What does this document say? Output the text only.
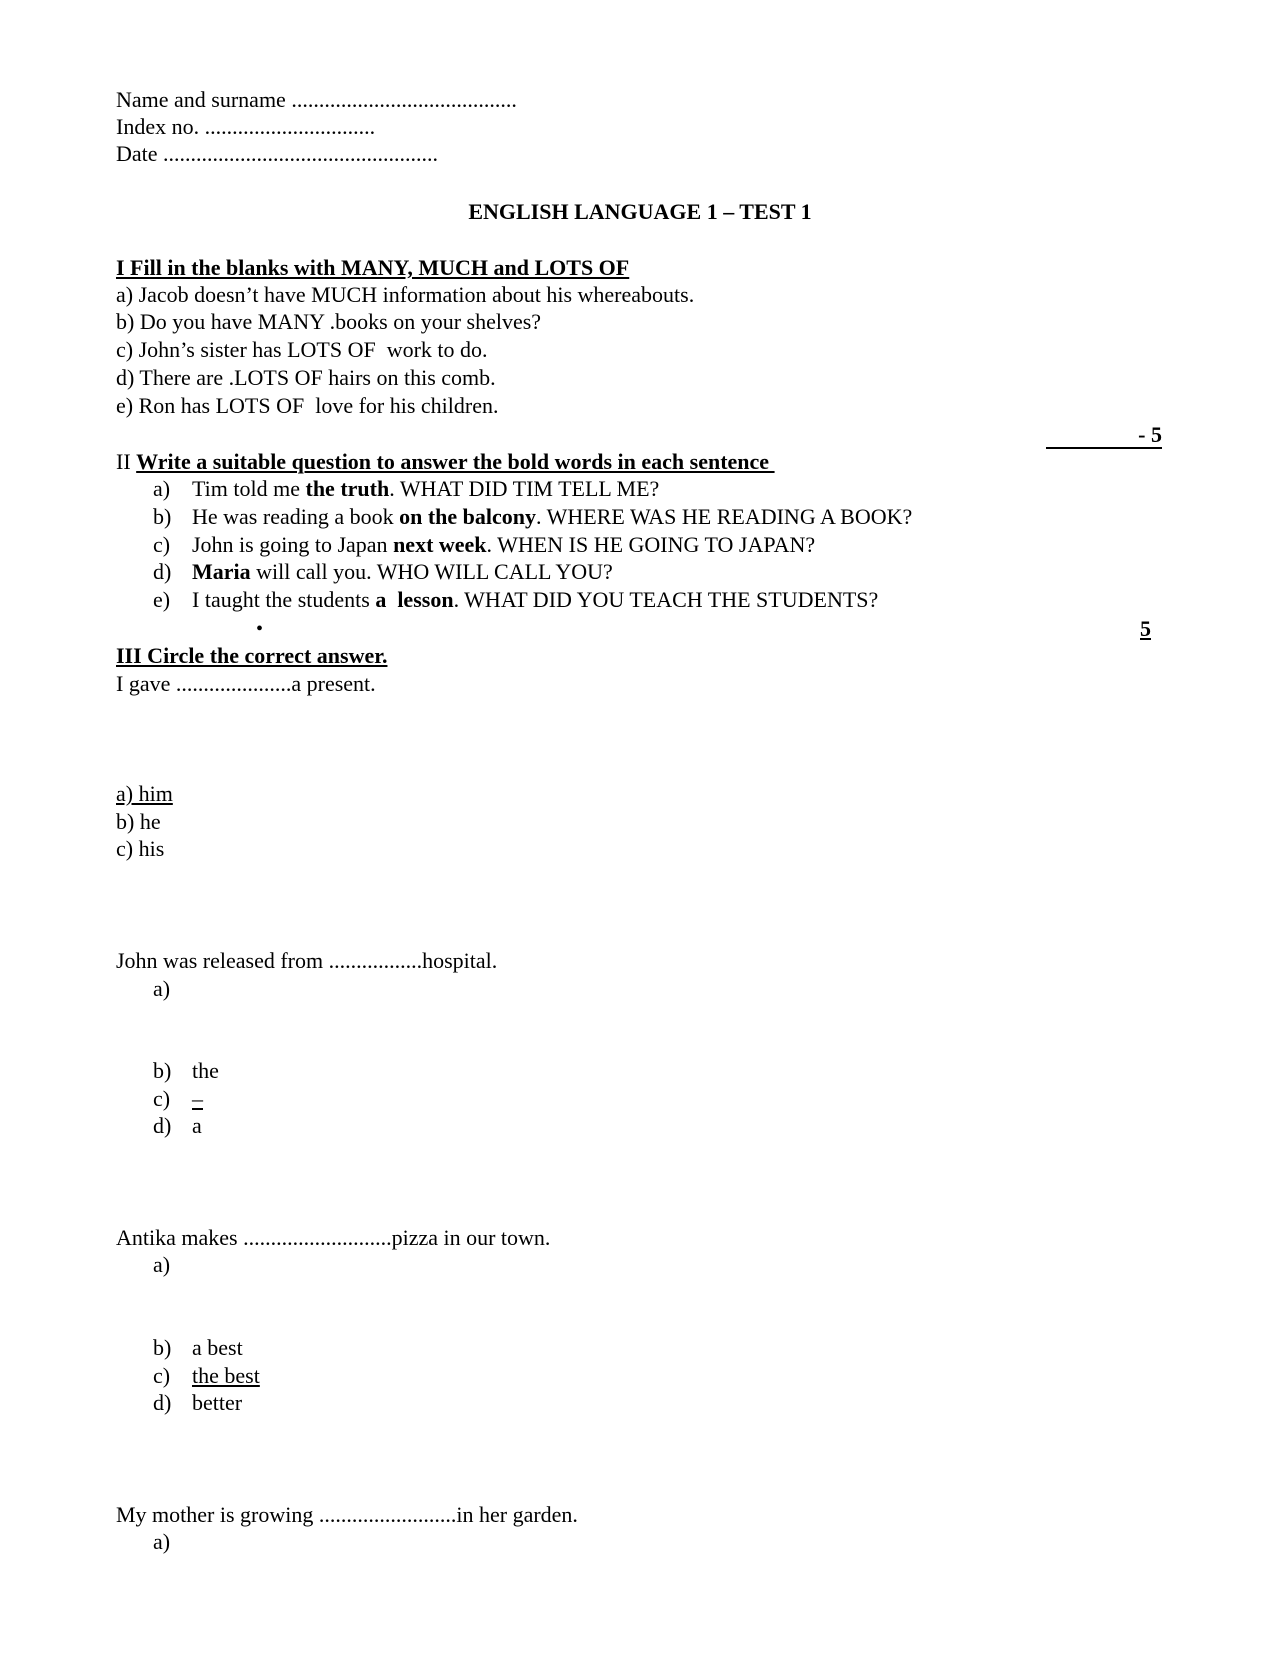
Name and surname .........................................
Index no. ...............................
Date ..................................................
ENGLISH LANGUAGE 1 – TEST 1
I Fill in the blanks with MANY, MUCH and LOTS OF
a) Jacob doesn’t have MUCH information about his whereabouts.
b) Do you have MANY .books on your shelves?
c) John’s sister has LOTS OF  work to do.
d) There are .LOTS OF hairs on this comb.
e) Ron has LOTS OF  love for his children.
- 5
II Write a suitable question to answer the bold words in each sentence
a) Tim told me the truth. WHAT DID TIM TELL ME?
b) He was reading a book on the balcony. WHERE WAS HE READING A BOOK?
c) John is going to Japan next week. WHEN IS HE GOING TO JAPAN?
d) Maria will call you. WHO WILL CALL YOU?
e) I taught the students a  lesson. WHAT DID YOU TEACH THE STUDENTS?
•	5
III Circle the correct answer.
I gave .....................a present.
a) him
b) he
c) his
John was released from .................hospital.
a)
b) the
c) –
d) a
Antika makes ...........................pizza in our town.
a)
b) a best
c) the best
d) better
My mother is growing .........................in her garden.
a)
